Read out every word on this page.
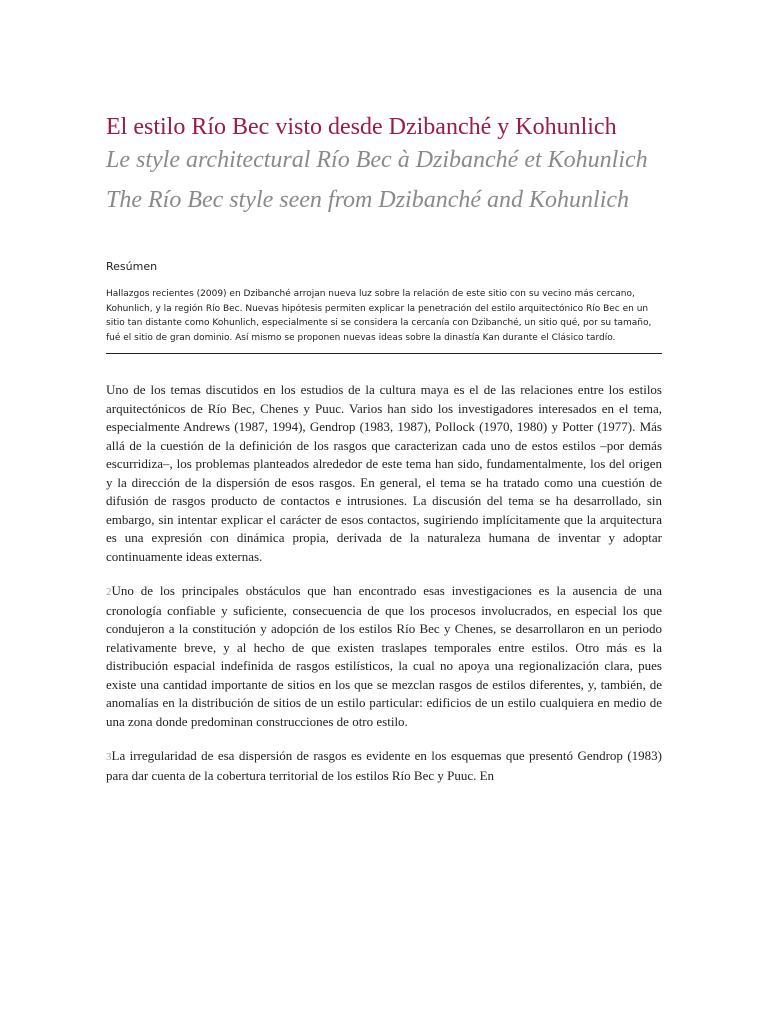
El estilo Río Bec visto desde Dzibanché y Kohunlich
Le style architectural Río Bec à Dzibanché et Kohunlich
The Río Bec style seen from Dzibanché and Kohunlich
Resúmen

Hallazgos recientes (2009) en Dzibanché arrojan nueva luz sobre la relación de este sitio con su vecino más cercano, Kohunlich, y la región Río Bec. Nuevas hipótesis permiten explicar la penetración del estilo arquitectónico Río Bec en un sitio tan distante como Kohunlich, especialmente si se considera la cercanía con Dzibanché, un sitio qué, por su tamaño, fué el sitio de gran dominio. Así mismo se proponen nuevas ideas sobre la dinastía Kan durante el Clásico tardío.

Uno de los temas discutidos en los estudios de la cultura maya es el de las relaciones entre los estilos arquitectónicos de Río Bec, Chenes y Puuc. Varios han sido los investigadores interesados en el tema, especialmente Andrews (1987, 1994), Gendrop (1983, 1987), Pollock (1970, 1980) y Potter (1977). Más allá de la cuestión de la definición de los rasgos que caracterizan cada uno de estos estilos –por demás escurridiza–, los problemas planteados alrededor de este tema han sido, fundamentalmente, los del origen y la dirección de la dispersión de esos rasgos. En general, el tema se ha tratado como una cuestión de difusión de rasgos producto de contactos e intrusiones. La discusión del tema se ha desarrollado, sin embargo, sin intentar explicar el carácter de esos contactos, sugiriendo implícitamente que la arquitectura es una expresión con dinámica propia, derivada de la naturaleza humana de inventar y adoptar continuamente ideas externas.

2Uno de los principales obstáculos que han encontrado esas investigaciones es la ausencia de una cronología confiable y suficiente, consecuencia de que los procesos involucrados, en especial los que condujeron a la constitución y adopción de los estilos Río Bec y Chenes, se desarrollaron en un periodo relativamente breve, y al hecho de que existen traslapes temporales entre estilos. Otro más es la distribución espacial indefinida de rasgos estilísticos, la cual no apoya una regionalización clara, pues existe una cantidad importante de sitios en los que se mezclan rasgos de estilos diferentes, y, también, de anomalías en la distribución de sitios de un estilo particular: edificios de un estilo cualquiera en medio de una zona donde predominan construcciones de otro estilo.

3La irregularidad de esa dispersión de rasgos es evidente en los esquemas que presentó Gendrop (1983) para dar cuenta de la cobertura territorial de los estilos Río Bec y Puuc. En
